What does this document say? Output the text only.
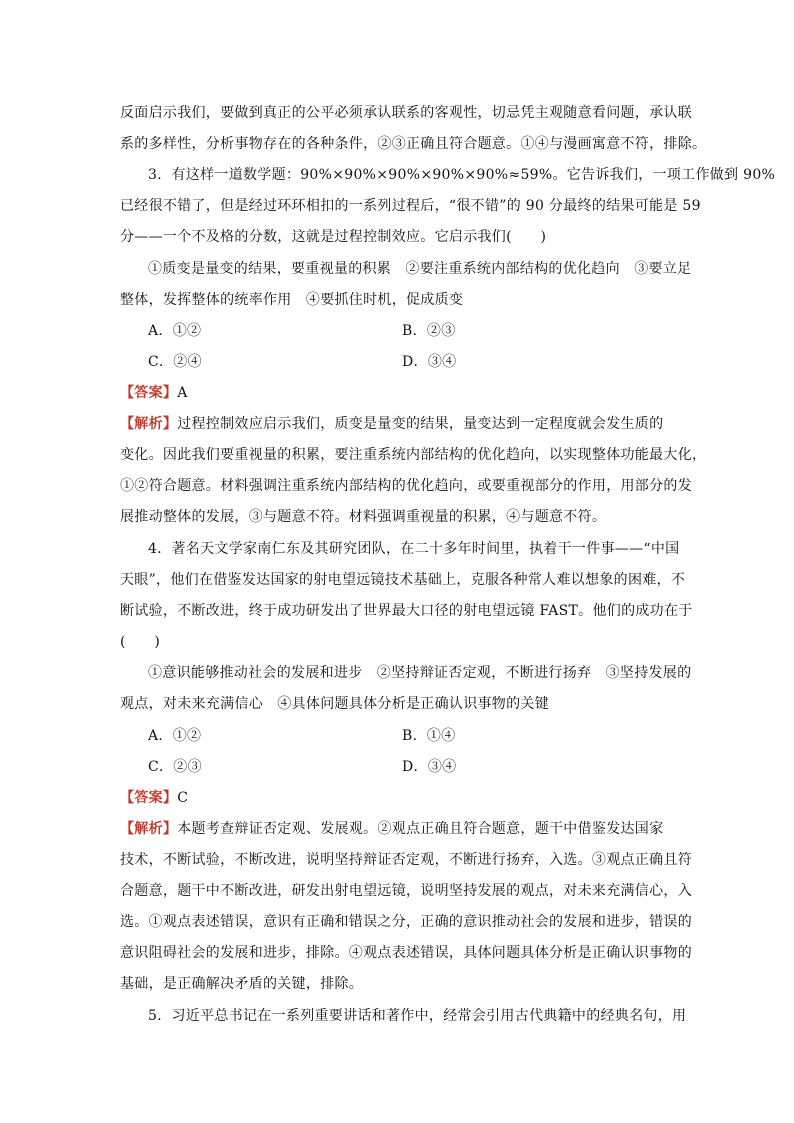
反面启示我们，要做到真正的公平必须承认联系的客观性，切忌凭主观随意看问题，承认联
系的多样性，分析事物存在的各种条件，②③正确且符合题意。①④与漫画寓意不符，排除。
3．有这样一道数学题：90%×90%×90%×90%×90%≈59%。它告诉我们，一项工作做到 90%
已经很不错了，但是经过环环相扣的一系列过程后，“很不错”的 90 分最终的结果可能是 59
分——一个不及格的分数，这就是过程控制效应。它启示我们(　　)
①质变是量变的结果，要重视量的积累　②要注重系统内部结构的优化趋向　③要立足
整体，发挥整体的统率作用　④要抓住时机，促成质变
A．①②	B．②③
C．②④	D．③④
【答案】A
【解析】过程控制效应启示我们，质变是量变的结果，量变达到一定程度就会发生质的
变化。因此我们要重视量的积累，要注重系统内部结构的优化趋向，以实现整体功能最大化，
①②符合题意。材料强调注重系统内部结构的优化趋向，或要重视部分的作用，用部分的发
展推动整体的发展，③与题意不符。材料强调重视量的积累，④与题意不符。
4．著名天文学家南仁东及其研究团队，在二十多年时间里，执着干一件事——“中国
天眼”，他们在借鉴发达国家的射电望远镜技术基础上，克服各种常人难以想象的困难，不
断试验，不断改进，终于成功研发出了世界最大口径的射电望远镜 FAST。他们的成功在于
(　　)
①意识能够推动社会的发展和进步　②坚持辩证否定观，不断进行扬弃　③坚持发展的
观点，对未来充满信心　④具体问题具体分析是正确认识事物的关键
A．①②	B．①④
C．②③	D．③④
【答案】C
【解析】本题考查辩证否定观、发展观。②观点正确且符合题意，题干中借鉴发达国家
技术，不断试验，不断改进，说明坚持辩证否定观，不断进行扬弃，入选。③观点正确且符
合题意，题干中不断改进，研发出射电望远镜，说明坚持发展的观点，对未来充满信心，入
选。①观点表述错误，意识有正确和错误之分，正确的意识推动社会的发展和进步，错误的
意识阻碍社会的发展和进步，排除。④观点表述错误，具体问题具体分析是正确认识事物的
基础，是正确解决矛盾的关键，排除。
5．习近平总书记在一系列重要讲话和著作中，经常会引用古代典籍中的经典名句，用
